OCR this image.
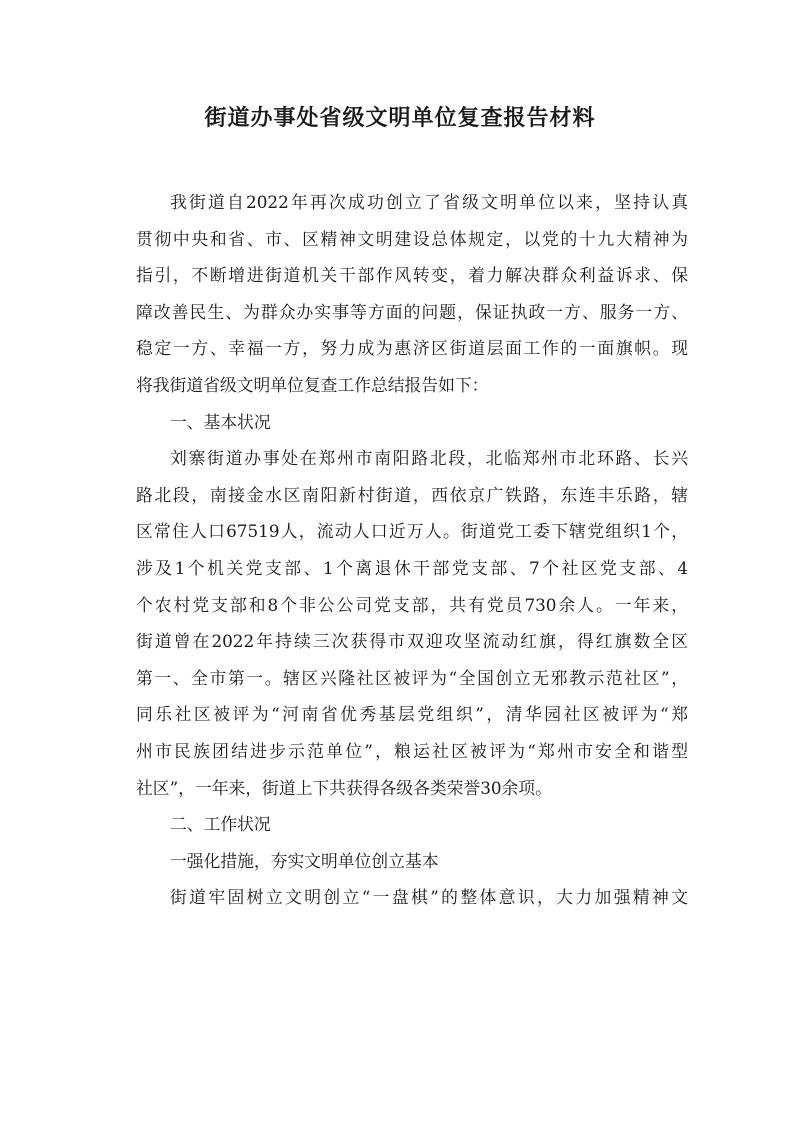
街道办事处省级文明单位复查报告材料
我街道自2022年再次成功创立了省级文明单位以来，坚持认真
贯彻中央和省、市、区精神文明建设总体规定，以党的十九大精神为
指引，不断增进街道机关干部作风转变，着力解决群众利益诉求、保
障改善民生、为群众办实事等方面的问题，保证执政一方、服务一方、
稳定一方、幸福一方，努力成为惠济区街道层面工作的一面旗帜。现
将我街道省级文明单位复查工作总结报告如下：
一、基本状况
刘寨街道办事处在郑州市南阳路北段，北临郑州市北环路、长兴
路北段，南接金水区南阳新村街道，西依京广铁路，东连丰乐路，辖
区常住人口67519人，流动人口近万人。街道党工委下辖党组织1个，
涉及1个机关党支部、1个离退休干部党支部、7个社区党支部、4
个农村党支部和8个非公公司党支部，共有党员730余人。一年来，
街道曾在2022年持续三次获得市双迎攻坚流动红旗，得红旗数全区
第一、全市第一。辖区兴隆社区被评为“全国创立无邪教示范社区”，
同乐社区被评为“河南省优秀基层党组织”，清华园社区被评为“郑
州市民族团结进步示范单位”，粮运社区被评为“郑州市安全和谐型
社区”，一年来，街道上下共获得各级各类荣誉30余项。
二、工作状况
一强化措施，夯实文明单位创立基本
街道牢固树立文明创立“一盘棋”的整体意识，大力加强精神文
